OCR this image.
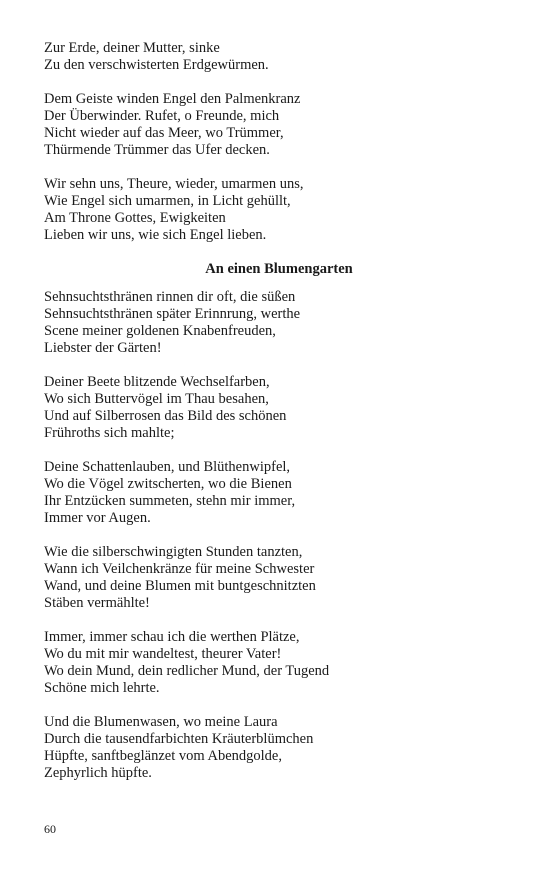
Zur Erde, deiner Mutter, sinke
Zu den verschwisterten Erdgewürmen.
Dem Geiste winden Engel den Palmenkranz
Der Überwinder. Rufet, o Freunde, mich
Nicht wieder auf das Meer, wo Trümmer,
Thürmende Trümmer das Ufer decken.
Wir sehn uns, Theure, wieder, umarmen uns,
Wie Engel sich umarmen, in Licht gehüllt,
Am Throne Gottes, Ewigkeiten
Lieben wir uns, wie sich Engel lieben.
An einen Blumengarten
Sehnsuchtsthränen rinnen dir oft, die süßen
Sehnsuchtsthränen später Erinnrung, werthe
Scene meiner goldenen Knabenfreuden,
Liebster der Gärten!
Deiner Beete blitzende Wechselfarben,
Wo sich Buttervögel im Thau besahen,
Und auf Silberrosen das Bild des schönen
Frühroths sich mahlte;
Deine Schattenlauben, und Blüthenwipfel,
Wo die Vögel zwitscherten, wo die Bienen
Ihr Entzücken summeten, stehn mir immer,
Immer vor Augen.
Wie die silberschwingigten Stunden tanzten,
Wann ich Veilchenkränze für meine Schwester
Wand, und deine Blumen mit buntgeschnitzten
Stäben vermählte!
Immer, immer schau ich die werthen Plätze,
Wo du mit mir wandeltest, theurer Vater!
Wo dein Mund, dein redlicher Mund, der Tugend
Schöne mich lehrte.
Und die Blumenwasen, wo meine Laura
Durch die tausendfarbichten Kräuterblümchen
Hüpfte, sanftbeglänzet vom Abendgolde,
Zephyrlich hüpfte.
60
